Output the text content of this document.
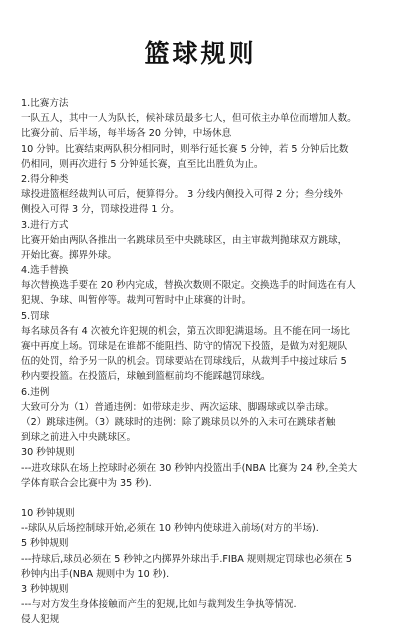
篮球规则
1.比赛方法
一队五人，其中一人为队长，候补球员最多七人，但可依主办单位而增加人数。
比赛分前、后半场，每半场各 20 分钟，中场休息
10 分钟。比赛结束两队积分相同时，则举行延长赛 5 分钟，若 5 分钟后比数
仍相同，则再次进行 5 分钟延长赛，直至比出胜负为止。
2.得分种类
球投进篮框经裁判认可后，便算得分。 3 分线内侧投入可得 2 分；叁分线外
侧投入可得 3 分，罚球投进得 1 分。
3.进行方式
比赛开始由两队各推出一名跳球员至中央跳球区，由主审裁判抛球双方跳球，
开始比赛。掷界外球。
4.选手替换
每次替换选手要在 20 秒内完成，替换次数则不限定。交换选手的时间选在有人
犯规、争球、叫暂停等。裁判可暂时中止球赛的计时。
5.罚球
每名球员各有 4 次被允许犯规的机会，第五次即犯满退场。且不能在同一场比
赛中再度上场。罚球是在谁都不能阻挡、防守的情况下投篮，是做为对犯规队
伍的处罚，给予另一队的机会。罚球要站在罚球线后，从裁判手中接过球后 5
秒内要投篮。在投篮后，球触到篮框前均不能踩越罚球线。
6.违例
大致可分为（1）普通违例：如带球走步、两次运球、脚踢球或以拳击球。
（2）跳球违例。（3）跳球时的违例：除了跳球员以外的入未可在跳球者触
到球之前进入中央跳球区。
30 秒钟规则
---进攻球队在场上控球时必须在 30 秒钟内投篮出手(NBA 比赛为 24 秒,全美大
学体育联合会比赛中为 35 秒).
10 秒钟规则
--球队从后场控制球开始,必须在 10 秒钟内使球进入前场(对方的半场).
5 秒钟规则
---持球后,球员必须在 5 秒钟之内掷界外球出手.FIBA 规则规定罚球也必须在 5
秒钟内出手(NBA 规则中为 10 秒).
3 秒钟规则
---与对方发生身体接触而产生的犯规,比如与裁判发生争执等情况.
侵人犯规
